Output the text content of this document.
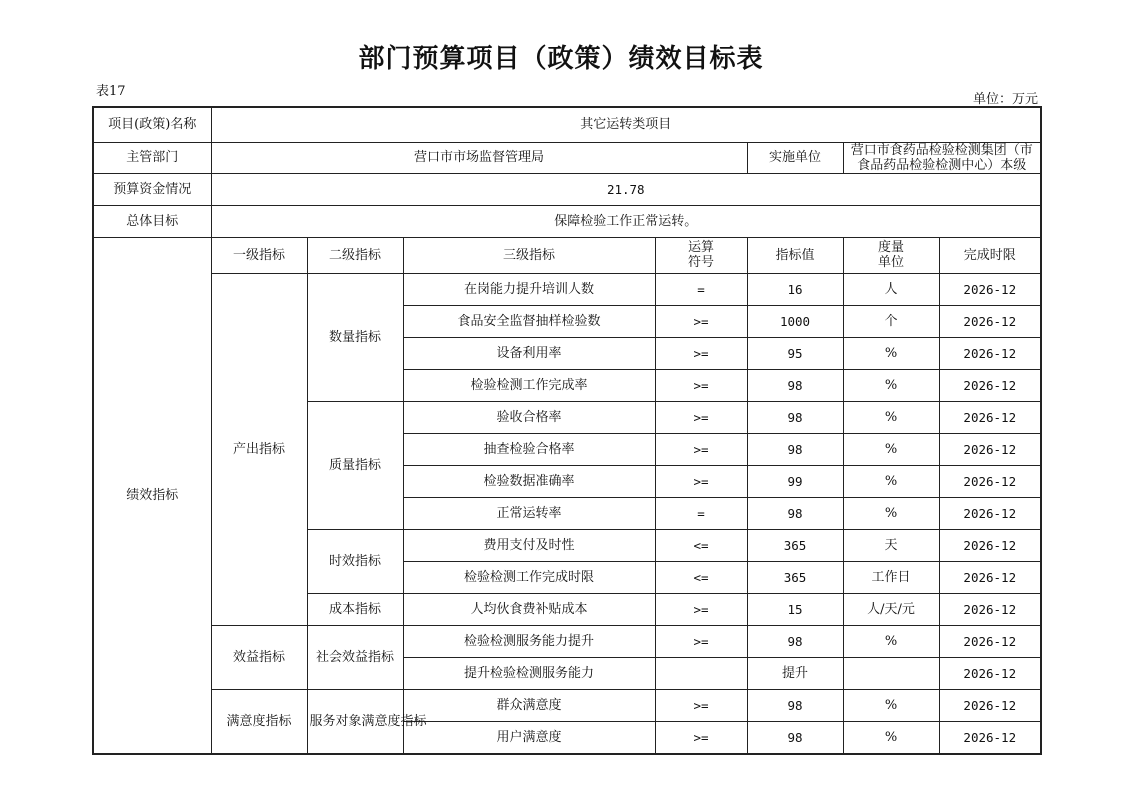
部门预算项目（政策）绩效目标表
表17
单位：万元
项目(政策)名称	其它运转类项目						
主管部门	营口市市场监督管理局				实施单位	营口市食药品检验检测集团（市食品药品检验检测中心）本级	
预算资金情况	21.78						
总体目标	保障检验工作正常运转。						
绩效指标	一级指标	二级指标	三级指标	运算符号	指标值	度量单位	完成时限
	产出指标	数量指标	在岗能力提升培训人数	=	16	人	2026-12
			食品安全监督抽样检验数	>=	1000	个	2026-12
			设备利用率	>=	95	%	2026-12
			检验检测工作完成率	>=	98	%	2026-12
		质量指标	验收合格率	>=	98	%	2026-12
			抽查检验合格率	>=	98	%	2026-12
			检验数据准确率	>=	99	%	2026-12
			正常运转率	=	98	%	2026-12
		时效指标	费用支付及时性	<=	365	天	2026-12
			检验检测工作完成时限	<=	365	工作日	2026-12
		成本指标	人均伙食费补贴成本	>=	15	人/天/元	2026-12
	效益指标	社会效益指标	检验检测服务能力提升	>=	98	%	2026-12
			提升检验检测服务能力		提升		2026-12
	满意度指标	服务对象满意度指标	群众满意度	>=	98	%	2026-12
			用户满意度	>=	98	%	2026-12
